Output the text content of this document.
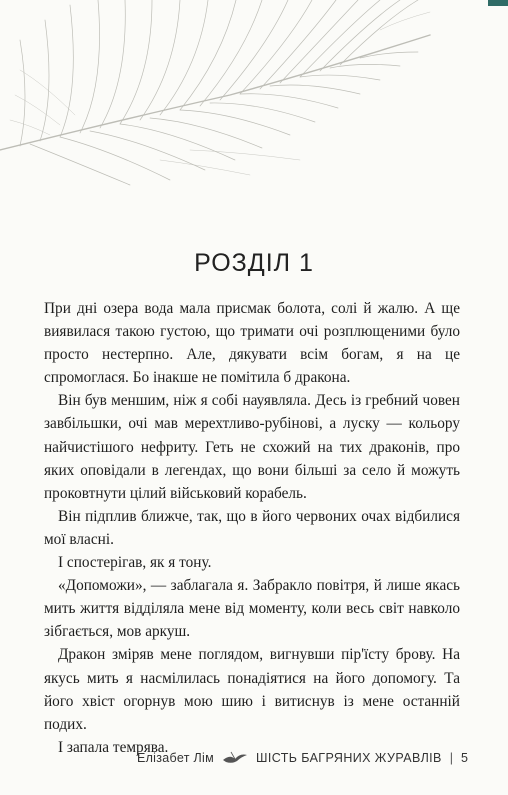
РОЗДІЛ 1

При дні озера вода мала присмак болота, солі й жалю. А ще виявилася такою густою, що тримати очі розплющеними було просто нестерпно. Але, дякувати всім богам, я на це спромоглася. Бо інакше не помітила б дракона.

Він був меншим, ніж я собі науявляла. Десь із гребний човен завбільшки, очі мав мерехтливо-рубінові, а луску — кольору найчистішого нефриту. Геть не схожий на тих драконів, про яких оповідали в легендах, що вони більші за село й можуть проковтнути цілий військовий корабель.

Він підплив ближче, так, що в його червоних очах відбилися мої власні.

І спостерігав, як я тону.

«Допоможи», — заблагала я. Забракло повітря, й лише якась мить життя відділяла мене від моменту, коли весь світ навколо зібгається, мов аркуш.

Дракон зміряв мене поглядом, вигнувши пір'їсту брову. На якусь мить я насмілилась понадіятися на його допомогу. Та його хвіст огорнув мою шию і витиснув із мене останній подих.

І запала темрява.

Елізабет Лім	ШІСТЬ БАГРЯНИХ ЖУРАВЛІВ | 5
